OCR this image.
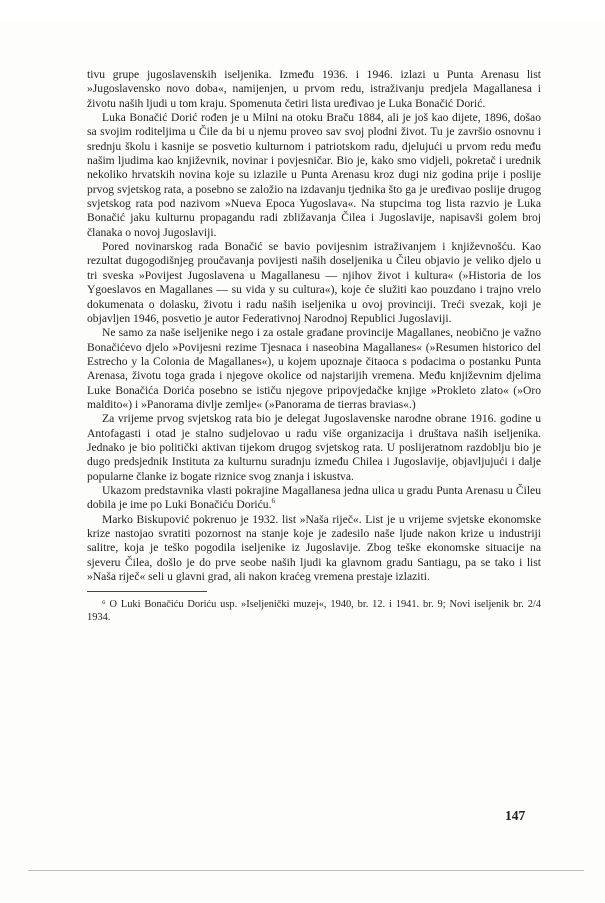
tivu grupe jugoslavenskih iseljenika. Između 1936. i 1946. izlazi u Punta Arenasu list »Jugoslavensko novo doba«, namijenjen, u prvom redu, istraživanju predjela Magallanesa i životu naših ljudi u tom kraju. Spomenuta četiri lista uređivao je Luka Bonačić Dorić.

Luka Bonačić Dorić rođen je u Milni na otoku Braču 1884, ali je još kao dijete, 1896, došao sa svojim roditeljima u Čile da bi u njemu proveo sav svoj plodni život. Tu je završio osnovnu i srednju školu i kasnije se posvetio kulturnom i patriotskom radu, djelujući u prvom redu među našim ljudima kao književnik, novinar i povjesničar. Bio je, kako smo vidjeli, pokretač i urednik nekoliko hrvatskih novina koje su izlazile u Punta Arenasu kroz dugi niz godina prije i poslije prvog svjetskog rata, a posebno se založio na izdavanju tjednika što ga je uređivao poslije drugog svjetskog rata pod nazivom »Nueva Epoca Yugoslava«. Na stupcima tog lista razvio je Luka Bonačić jaku kulturnu propagandu radi zbližavanja Čilea i Jugoslavije, napisavši golem broj članaka o novoj Jugoslaviji.

Pored novinarskog rada Bonačić se bavio povijesnim istraživanjem i književnošću. Kao rezultat dugogodišnjeg proučavanja povijesti naših doseljenika u Čileu objavio je veliko djelo u tri sveska »Povijest Jugoslavena u Magallanesu — njihov život i kultura« (»Historia de los Ygoeslavos en Magallanes — su vida y su cultura«), koje će služiti kao pouzdano i trajno vrelo dokumenata o dolasku, životu i radu naših iseljenika u ovoj provinciji. Treći svezak, koji je objavljen 1946, posvetio je autor Federativnoj Narodnoj Republici Jugoslaviji.

Ne samo za naše iseljenike nego i za ostale građane provincije Magallanes, neobično je važno Bonačićevo djelo »Povijesni rezime Tjesnaca i naseobina Magallanes« (»Resumen historico del Estrecho y la Colonia de Magallanes«), u kojem upoznaje čitaoca s podacima o postanku Punta Arenasa, životu toga grada i njegove okolice od najstarijih vremena. Među književnim djelima Luke Bonačića Dorića posebno se ističu njegove pripovjedačke knjige »Prokleto zlato« (»Oro maldito«) i »Panorama divlje zemlje« (»Panorama de tierras bravias«.)

Za vrijeme prvog svjetskog rata bio je delegat Jugoslavenske narodne obrane 1916. godine u Antofagasti i otad je stalno sudjelovao u radu više organizacija i društava naših iseljenika. Jednako je bio politički aktivan tijekom drugog svjetskog rata. U poslijeratnom razdoblju bio je dugo predsjednik Instituta za kulturnu suradnju između Chilea i Jugoslavije, objavljujući i dalje popularne članke iz bogate riznice svog znanja i iskustva.

Ukazom predstavnika vlasti pokrajine Magallanesa jedna ulica u gradu Punta Arenasu u Čileu dobila je ime po Luki Bonačiću Doriću.$^6$

Marko Biskupović pokrenuo je 1932. list »Naša riječ«. List je u vrijeme svjetske ekonomske krize nastojao svratiti pozornost na stanje koje je zadesilo naše ljude nakon krize u industriji salitre, koja je teško pogodila iseljenike iz Jugoslavije. Zbog teške ekonomske situacije na sjeveru Čilea, došlo je do prve seobe naših ljudi ka glavnom gradu Santiagu, pa se tako i list »Naša riječ« seli u glavni grad, ali nakon kraćeg vremena prestaje izlaziti.

⁶ O Luki Bonačiću Doriću usp. »Iseljenički muzej«, 1940, br. 12. i 1941. br. 9; Novi iseljenik br. 2/4 1934.

147
